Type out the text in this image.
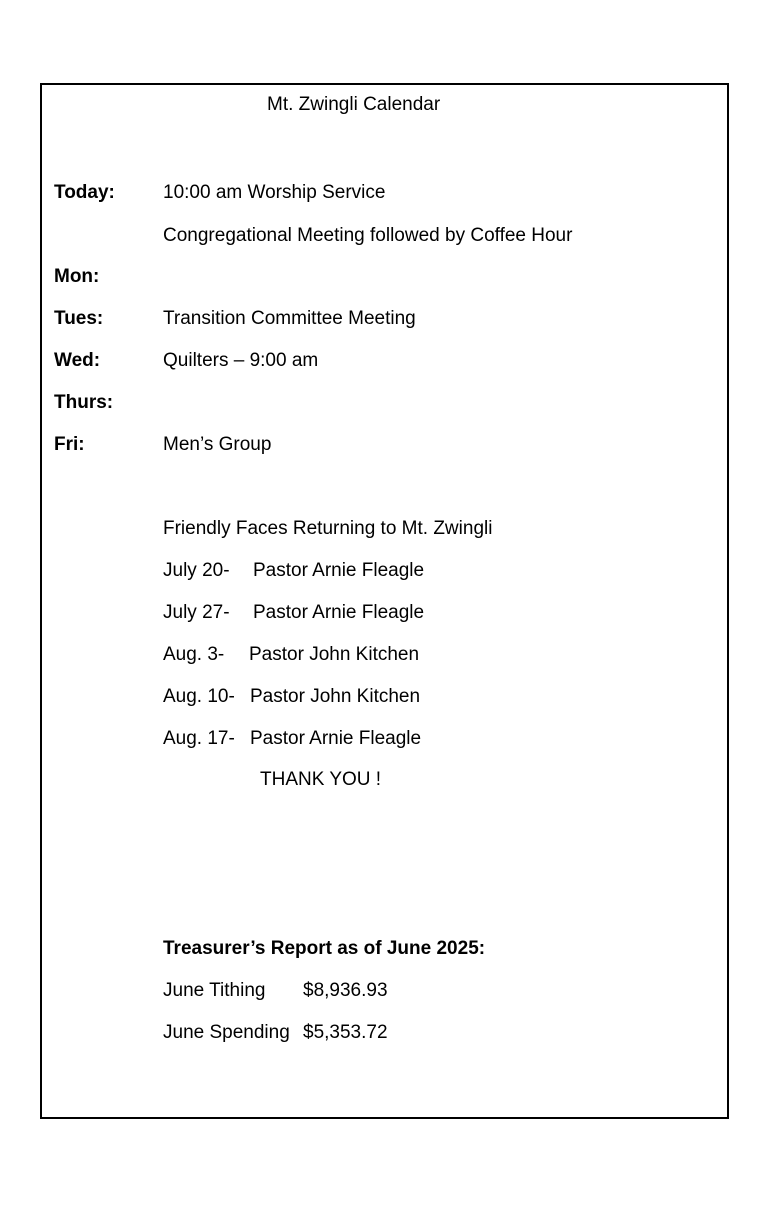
Mt. Zwingli Calendar
Today:	10:00 am Worship Service
Congregational Meeting followed by Coffee Hour
Mon:
Tues:	Transition Committee Meeting
Wed:	Quilters – 9:00 am
Thurs:
Fri:	Men’s Group
Friendly Faces Returning to Mt. Zwingli
July 20- Pastor Arnie Fleagle
July 27- Pastor Arnie Fleagle
Aug. 3- Pastor John Kitchen
Aug. 10- Pastor John Kitchen
Aug. 17- Pastor Arnie Fleagle
THANK YOU !
Treasurer’s Report as of June 2025:
June Tithing $8,936.93
June Spending $5,353.72
